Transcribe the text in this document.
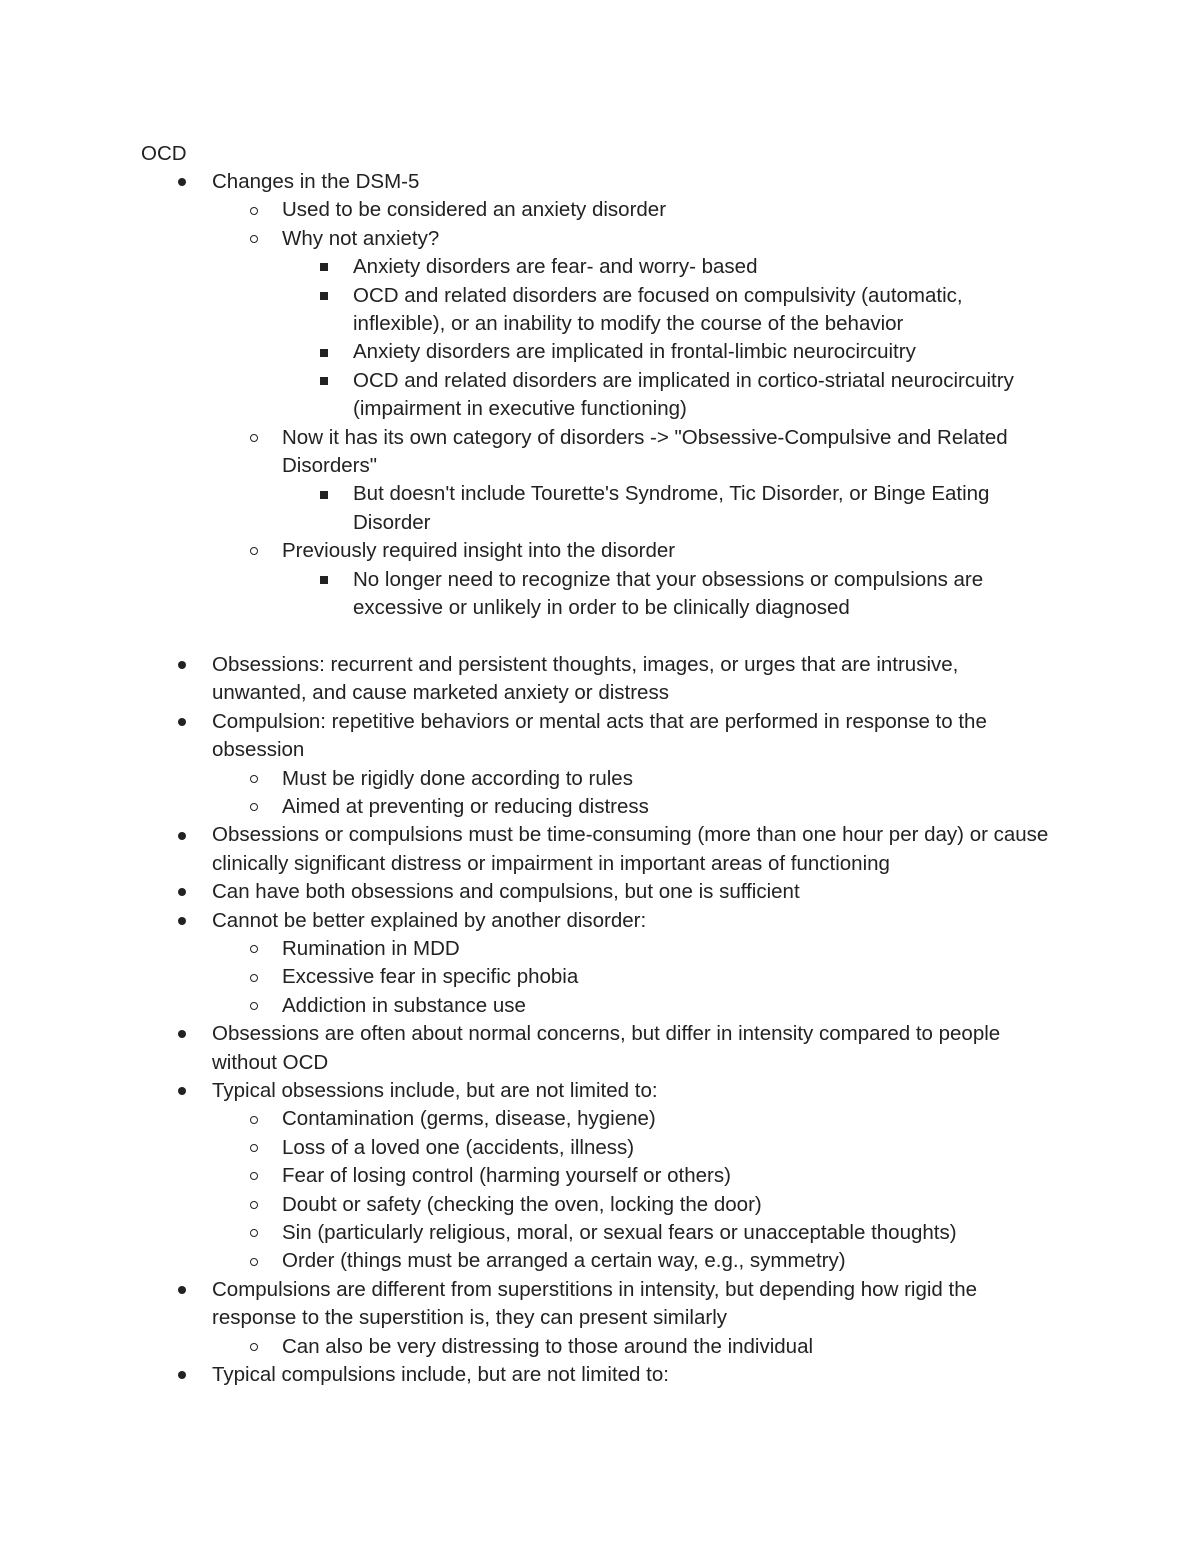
OCD
Changes in the DSM-5
Used to be considered an anxiety disorder
Why not anxiety?
Anxiety disorders are fear- and worry- based
OCD and related disorders are focused on compulsivity (automatic, inflexible), or an inability to modify the course of the behavior
Anxiety disorders are implicated in frontal-limbic neurocircuitry
OCD and related disorders are implicated in cortico-striatal neurocircuitry (impairment in executive functioning)
Now it has its own category of disorders -> "Obsessive-Compulsive and Related Disorders"
But doesn't include Tourette's Syndrome, Tic Disorder, or Binge Eating Disorder
Previously required insight into the disorder
No longer need to recognize that your obsessions or compulsions are excessive or unlikely in order to be clinically diagnosed
Obsessions: recurrent and persistent thoughts, images, or urges that are intrusive, unwanted, and cause marketed anxiety or distress
Compulsion: repetitive behaviors or mental acts that are performed in response to the obsession
Must be rigidly done according to rules
Aimed at preventing or reducing distress
Obsessions or compulsions must be time-consuming (more than one hour per day) or cause clinically significant distress or impairment in important areas of functioning
Can have both obsessions and compulsions, but one is sufficient
Cannot be better explained by another disorder:
Rumination in MDD
Excessive fear in specific phobia
Addiction in substance use
Obsessions are often about normal concerns, but differ in intensity compared to people without OCD
Typical obsessions include, but are not limited to:
Contamination (germs, disease, hygiene)
Loss of a loved one (accidents, illness)
Fear of losing control (harming yourself or others)
Doubt or safety (checking the oven, locking the door)
Sin (particularly religious, moral, or sexual fears or unacceptable thoughts)
Order (things must be arranged a certain way, e.g., symmetry)
Compulsions are different from superstitions in intensity, but depending how rigid the response to the superstition is, they can present similarly
Can also be very distressing to those around the individual
Typical compulsions include, but are not limited to:
